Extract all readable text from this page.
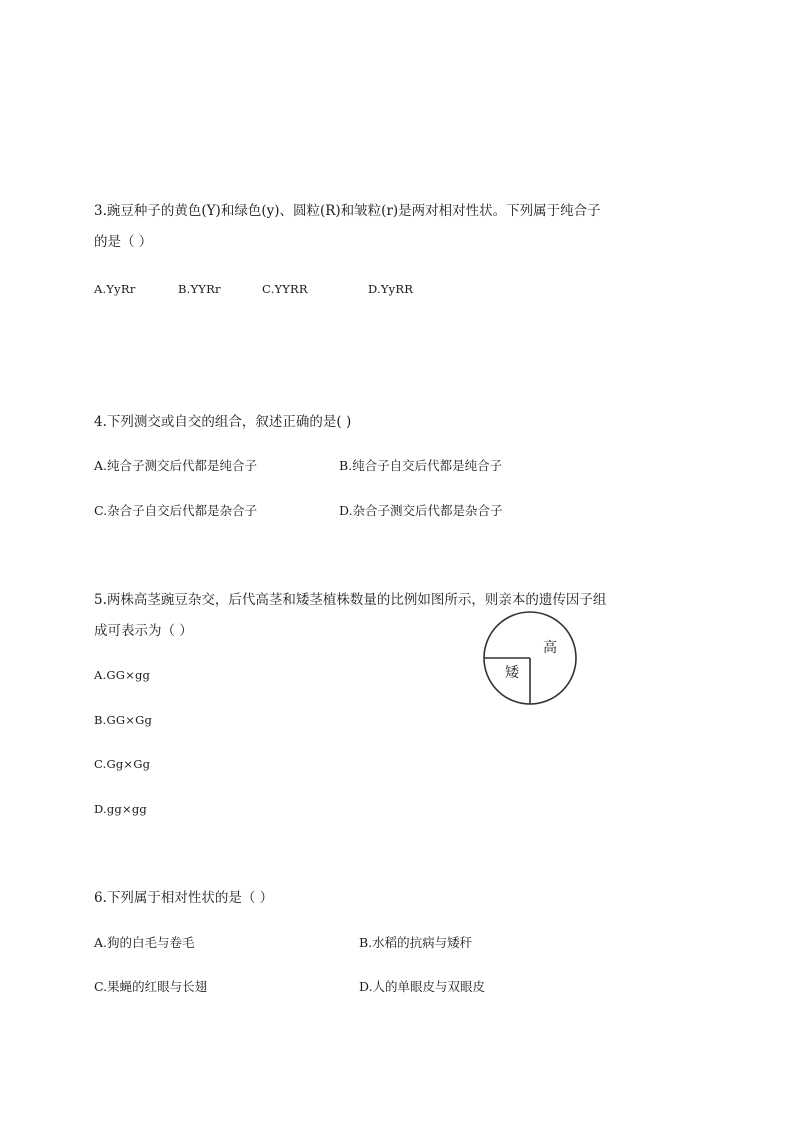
3.豌豆种子的黄色(Y)和绿色(y)、圆粒(R)和皱粒(r)是两对相对性状。下列属于纯合子
的是（ ）
A.YyRr	B.YYRr	C.YYRR	D.YyRR
4.下列测交或自交的组合，叙述正确的是( )
A.纯合子测交后代都是纯合子	B.纯合子自交后代都是纯合子
C.杂合子自交后代都是杂合子	D.杂合子测交后代都是杂合子
5.两株高茎豌豆杂交，后代高茎和矮茎植株数量的比例如图所示，则亲本的遗传因子组
成可表示为（ ）
A.GG×gg
B.GG×Gg
C.Gg×Gg
D.gg×gg
高
矮
6.下列属于相对性状的是（ ）
A.狗的白毛与卷毛	B.水稻的抗病与矮秆
C.果蝇的红眼与长翅	D.人的单眼皮与双眼皮
